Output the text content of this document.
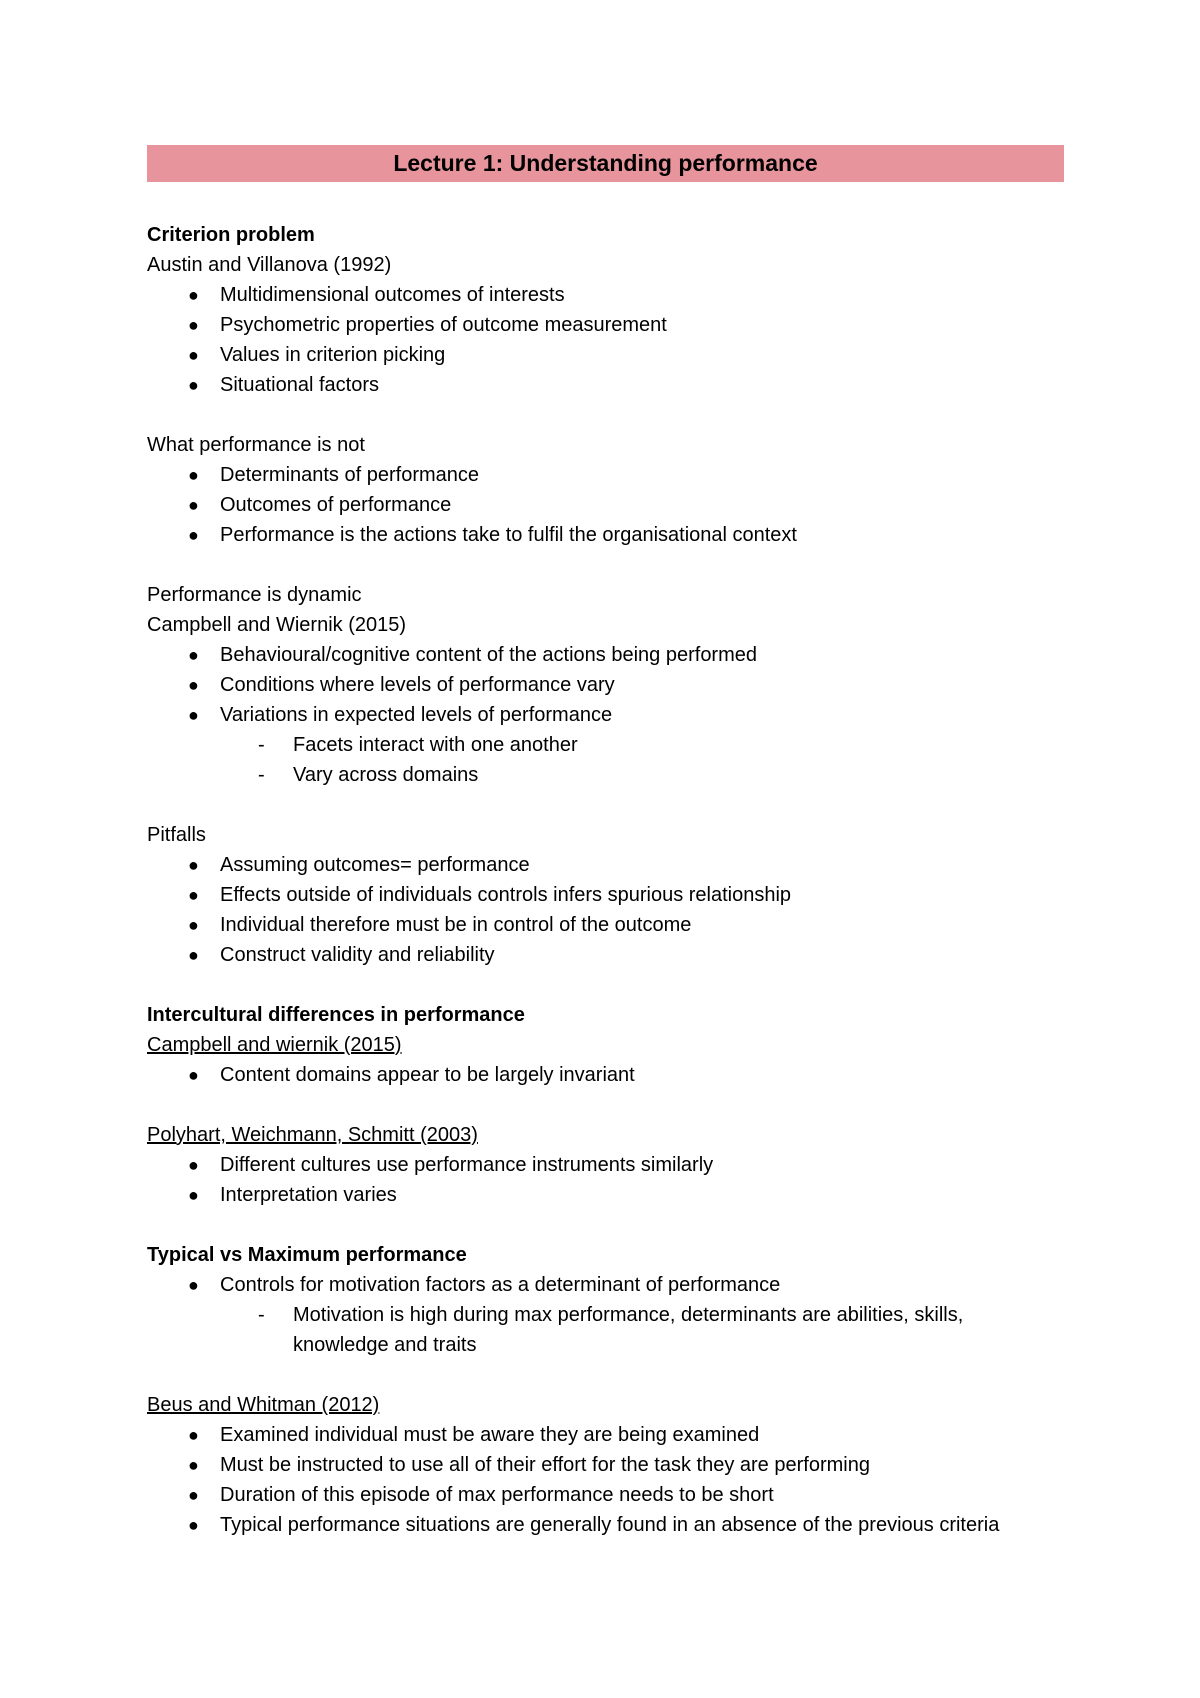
Lecture 1: Understanding performance
Criterion problem
Austin and Villanova (1992)
● Multidimensional outcomes of interests
● Psychometric properties of outcome measurement
● Values in criterion picking
● Situational factors
What performance is not
● Determinants of performance
● Outcomes of performance
● Performance is the actions take to fulfil the organisational context
Performance is dynamic
Campbell and Wiernik (2015)
● Behavioural/cognitive content of the actions being performed
● Conditions where levels of performance vary
● Variations in expected levels of performance
- Facets interact with one another
- Vary across domains
Pitfalls
● Assuming outcomes= performance
● Effects outside of individuals controls infers spurious relationship
● Individual therefore must be in control of the outcome
● Construct validity and reliability
Intercultural differences in performance
Campbell and wiernik (2015)
● Content domains appear to be largely invariant
Polyhart, Weichmann, Schmitt (2003)
● Different cultures use performance instruments similarly
● Interpretation varies
Typical vs Maximum performance
● Controls for motivation factors as a determinant of performance
- Motivation is high during max performance, determinants are abilities, skills, knowledge and traits
Beus and Whitman (2012)
● Examined individual must be aware they are being examined
● Must be instructed to use all of their effort for the task they are performing
● Duration of this episode of max performance needs to be short
● Typical performance situations are generally found in an absence of the previous criteria
